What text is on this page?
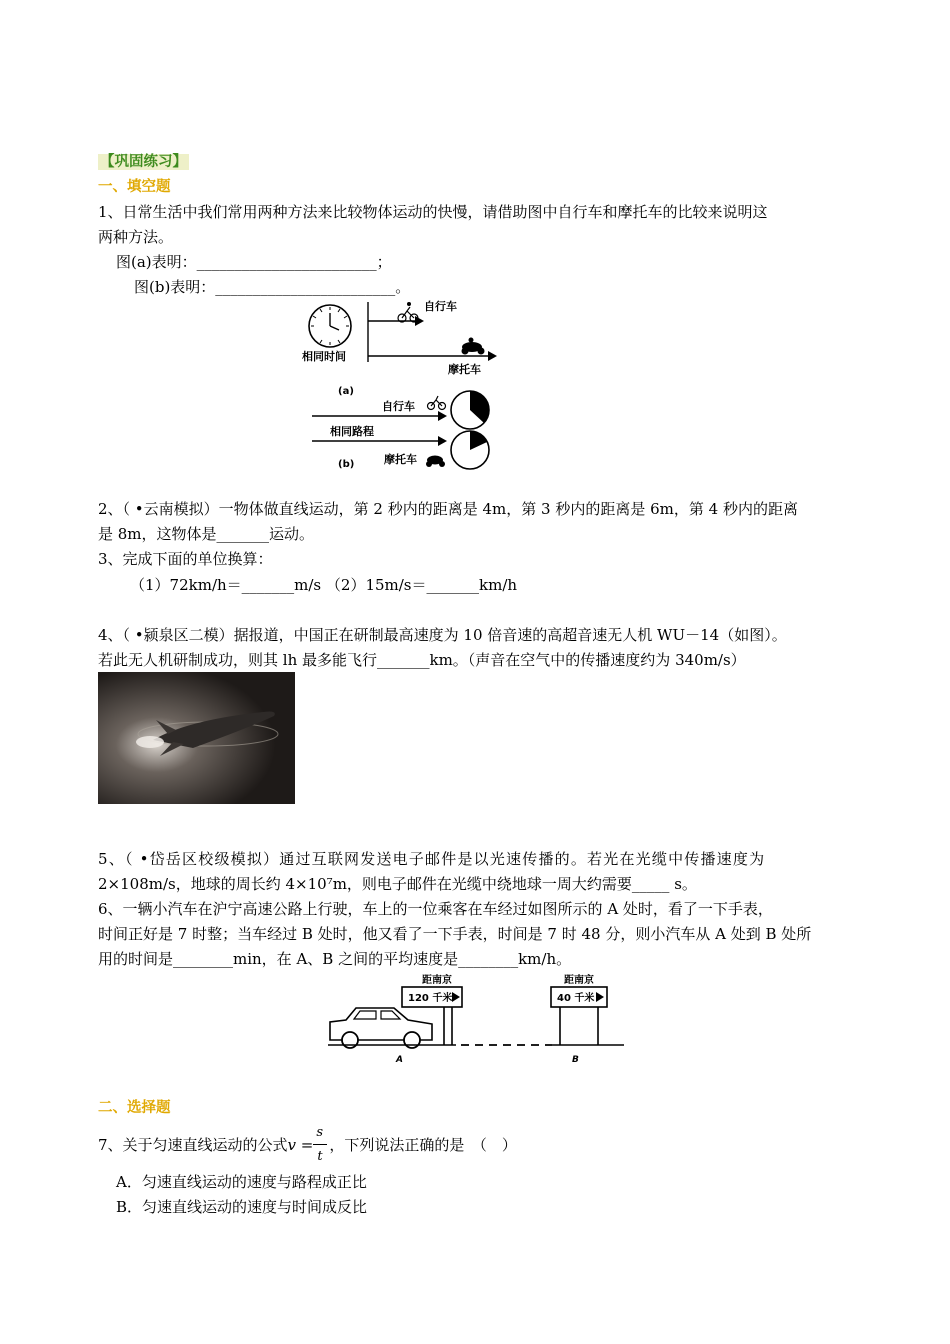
【巩固练习】
一、填空题
1、日常生活中我们常用两种方法来比较物体运动的快慢，请借助图中自行车和摩托车的比较来说明这
两种方法。
图(a)表明：________________________；
图(b)表明：________________________。
相同时间
自行车
摩托车
(a)
自行车
相同路程
摩托车
(b)
2、（ •云南模拟）一物体做直线运动，第 2 秒内的距离是 4m，第 3 秒内的距离是 6m，第 4 秒内的距离
是 8m，这物体是_______运动。
3、完成下面的单位换算：
（1）72km/h＝_______m/s （2）15m/s＝_______km/h
4、（ •颍泉区二模）据报道，中国正在研制最高速度为 10 倍音速的高超音速无人机 WU－14（如图）。
若此无人机研制成功，则其 lh 最多能飞行_______km。（声音在空气中的传播速度约为 340m/s）
5、（ •岱岳区校级模拟）通过互联网发送电子邮件是以光速传播的。若光在光缆中传播速度为
2×108m/s，地球的周长约 4×10⁷m，则电子邮件在光缆中绕地球一周大约需要_____ s。
6、一辆小汽车在沪宁高速公路上行驶，车上的一位乘客在车经过如图所示的 A 处时，看了一下手表，
时间正好是 7 时整；当车经过 B 处时，他又看了一下手表，时间是 7 时 48 分，则小汽车从 A 处到 B 处所
用的时间是________min，在 A、B 之间的平均速度是________km/h。
距南京
120 千米
距南京
40 千米
A	B
二、选择题
7、关于匀速直线运动的公式$v = \frac{s}{t}$ ，下列说法正确的是　（　）
A．匀速直线运动的速度与路程成正比
B．匀速直线运动的速度与时间成反比
